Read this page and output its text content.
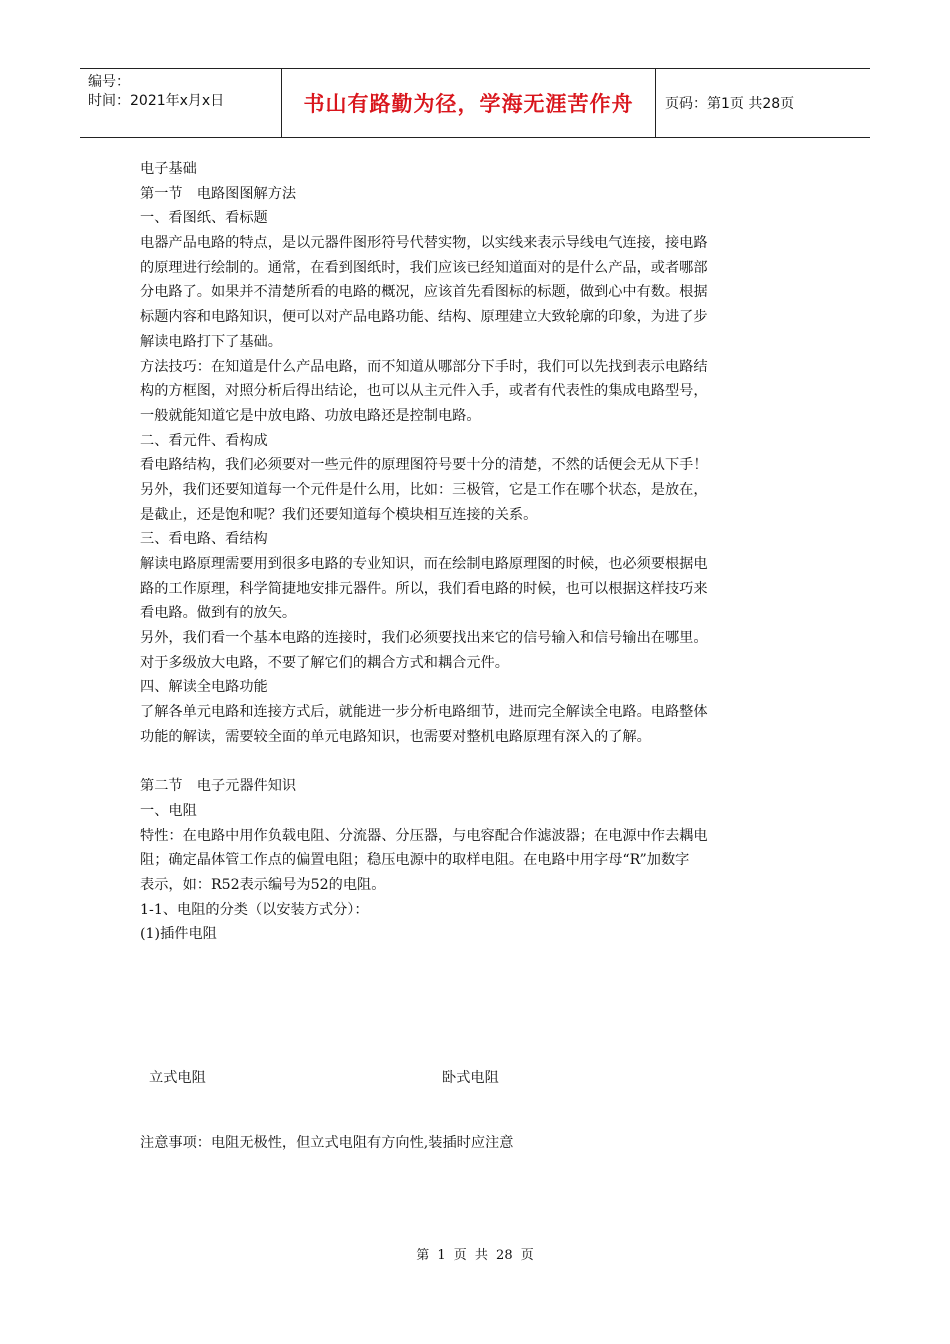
编号：
时间：2021年x月x日	书山有路勤为径，学海无涯苦作舟	页码：第1页 共28页
电子基础
第一节　电路图图解方法
一、看图纸、看标题
电器产品电路的特点，是以元器件图形符号代替实物，以实线来表示导线电气连接，接电路
的原理进行绘制的。通常，在看到图纸时，我们应该已经知道面对的是什么产品，或者哪部
分电路了。如果并不清楚所看的电路的概况，应该首先看图标的标题，做到心中有数。根据
标题内容和电路知识，便可以对产品电路功能、结构、原理建立大致轮廓的印象，为进了步
解读电路打下了基础。
方法技巧：在知道是什么产品电路，而不知道从哪部分下手时，我们可以先找到表示电路结
构的方框图，对照分析后得出结论，也可以从主元件入手，或者有代表性的集成电路型号，
一般就能知道它是中放电路、功放电路还是控制电路。
二、看元件、看构成
看电路结构，我们必须要对一些元件的原理图符号要十分的清楚，不然的话便会无从下手！
另外，我们还要知道每一个元件是什么用，比如：三极管，它是工作在哪个状态，是放在，
是截止，还是饱和呢？我们还要知道每个模块相互连接的关系。
三、看电路、看结构
解读电路原理需要用到很多电路的专业知识，而在绘制电路原理图的时候，也必须要根据电
路的工作原理，科学简捷地安排元器件。所以，我们看电路的时候，也可以根据这样技巧来
看电路。做到有的放矢。
另外，我们看一个基本电路的连接时，我们必须要找出来它的信号输入和信号输出在哪里。
对于多级放大电路，不要了解它们的耦合方式和耦合元件。
四、解读全电路功能
了解各单元电路和连接方式后，就能进一步分析电路细节，进而完全解读全电路。电路整体
功能的解读，需要较全面的单元电路知识，也需要对整机电路原理有深入的了解。
第二节　电子元器件知识
一、电阻
特性：在电路中用作负载电阻、分流器、分压器，与电容配合作滤波器；在电源中作去耦电
阻；确定晶体管工作点的偏置电阻；稳压电源中的取样电阻。在电路中用字母“R”加数字
表示，如：R52表示编号为52的电阻。
1-1、电阻的分类（以安装方式分）：
(1)插件电阻
立式电阻	卧式电阻
注意事项：电阻无极性，但立式电阻有方向性,装插时应注意
第 1 页 共 28 页
